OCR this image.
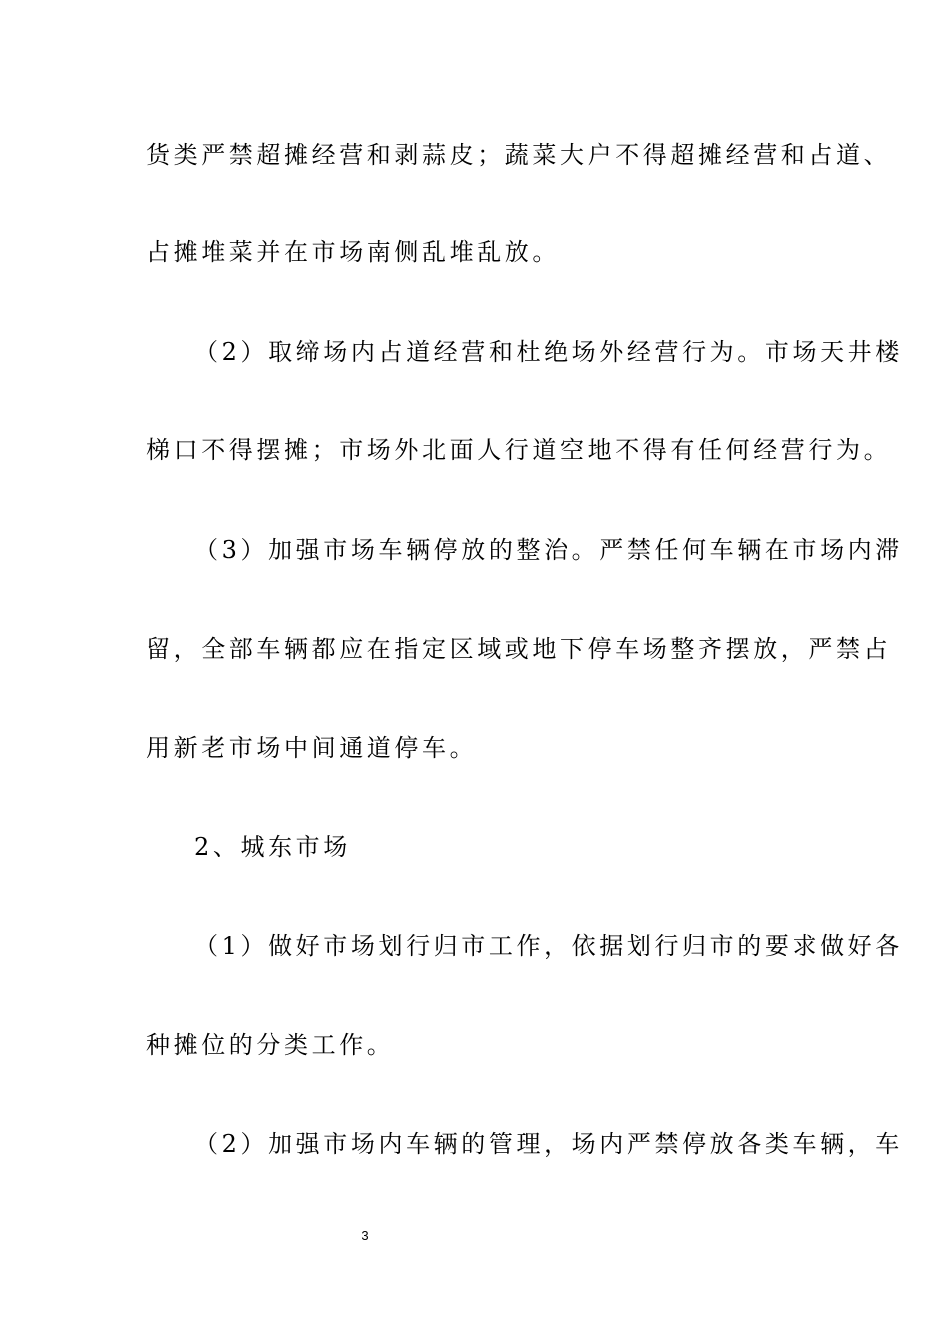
货类严禁超摊经营和剥蒜皮；蔬菜大户不得超摊经营和占道、
占摊堆菜并在市场南侧乱堆乱放。
（2）取缔场内占道经营和杜绝场外经营行为。市场天井楼
梯口不得摆摊；市场外北面人行道空地不得有任何经营行为。
（3）加强市场车辆停放的整治。严禁任何车辆在市场内滞
留，全部车辆都应在指定区域或地下停车场整齐摆放，严禁占
用新老市场中间通道停车。
2、城东市场
（1）做好市场划行归市工作，依据划行归市的要求做好各
种摊位的分类工作。
（2）加强市场内车辆的管理，场内严禁停放各类车辆，车
3
